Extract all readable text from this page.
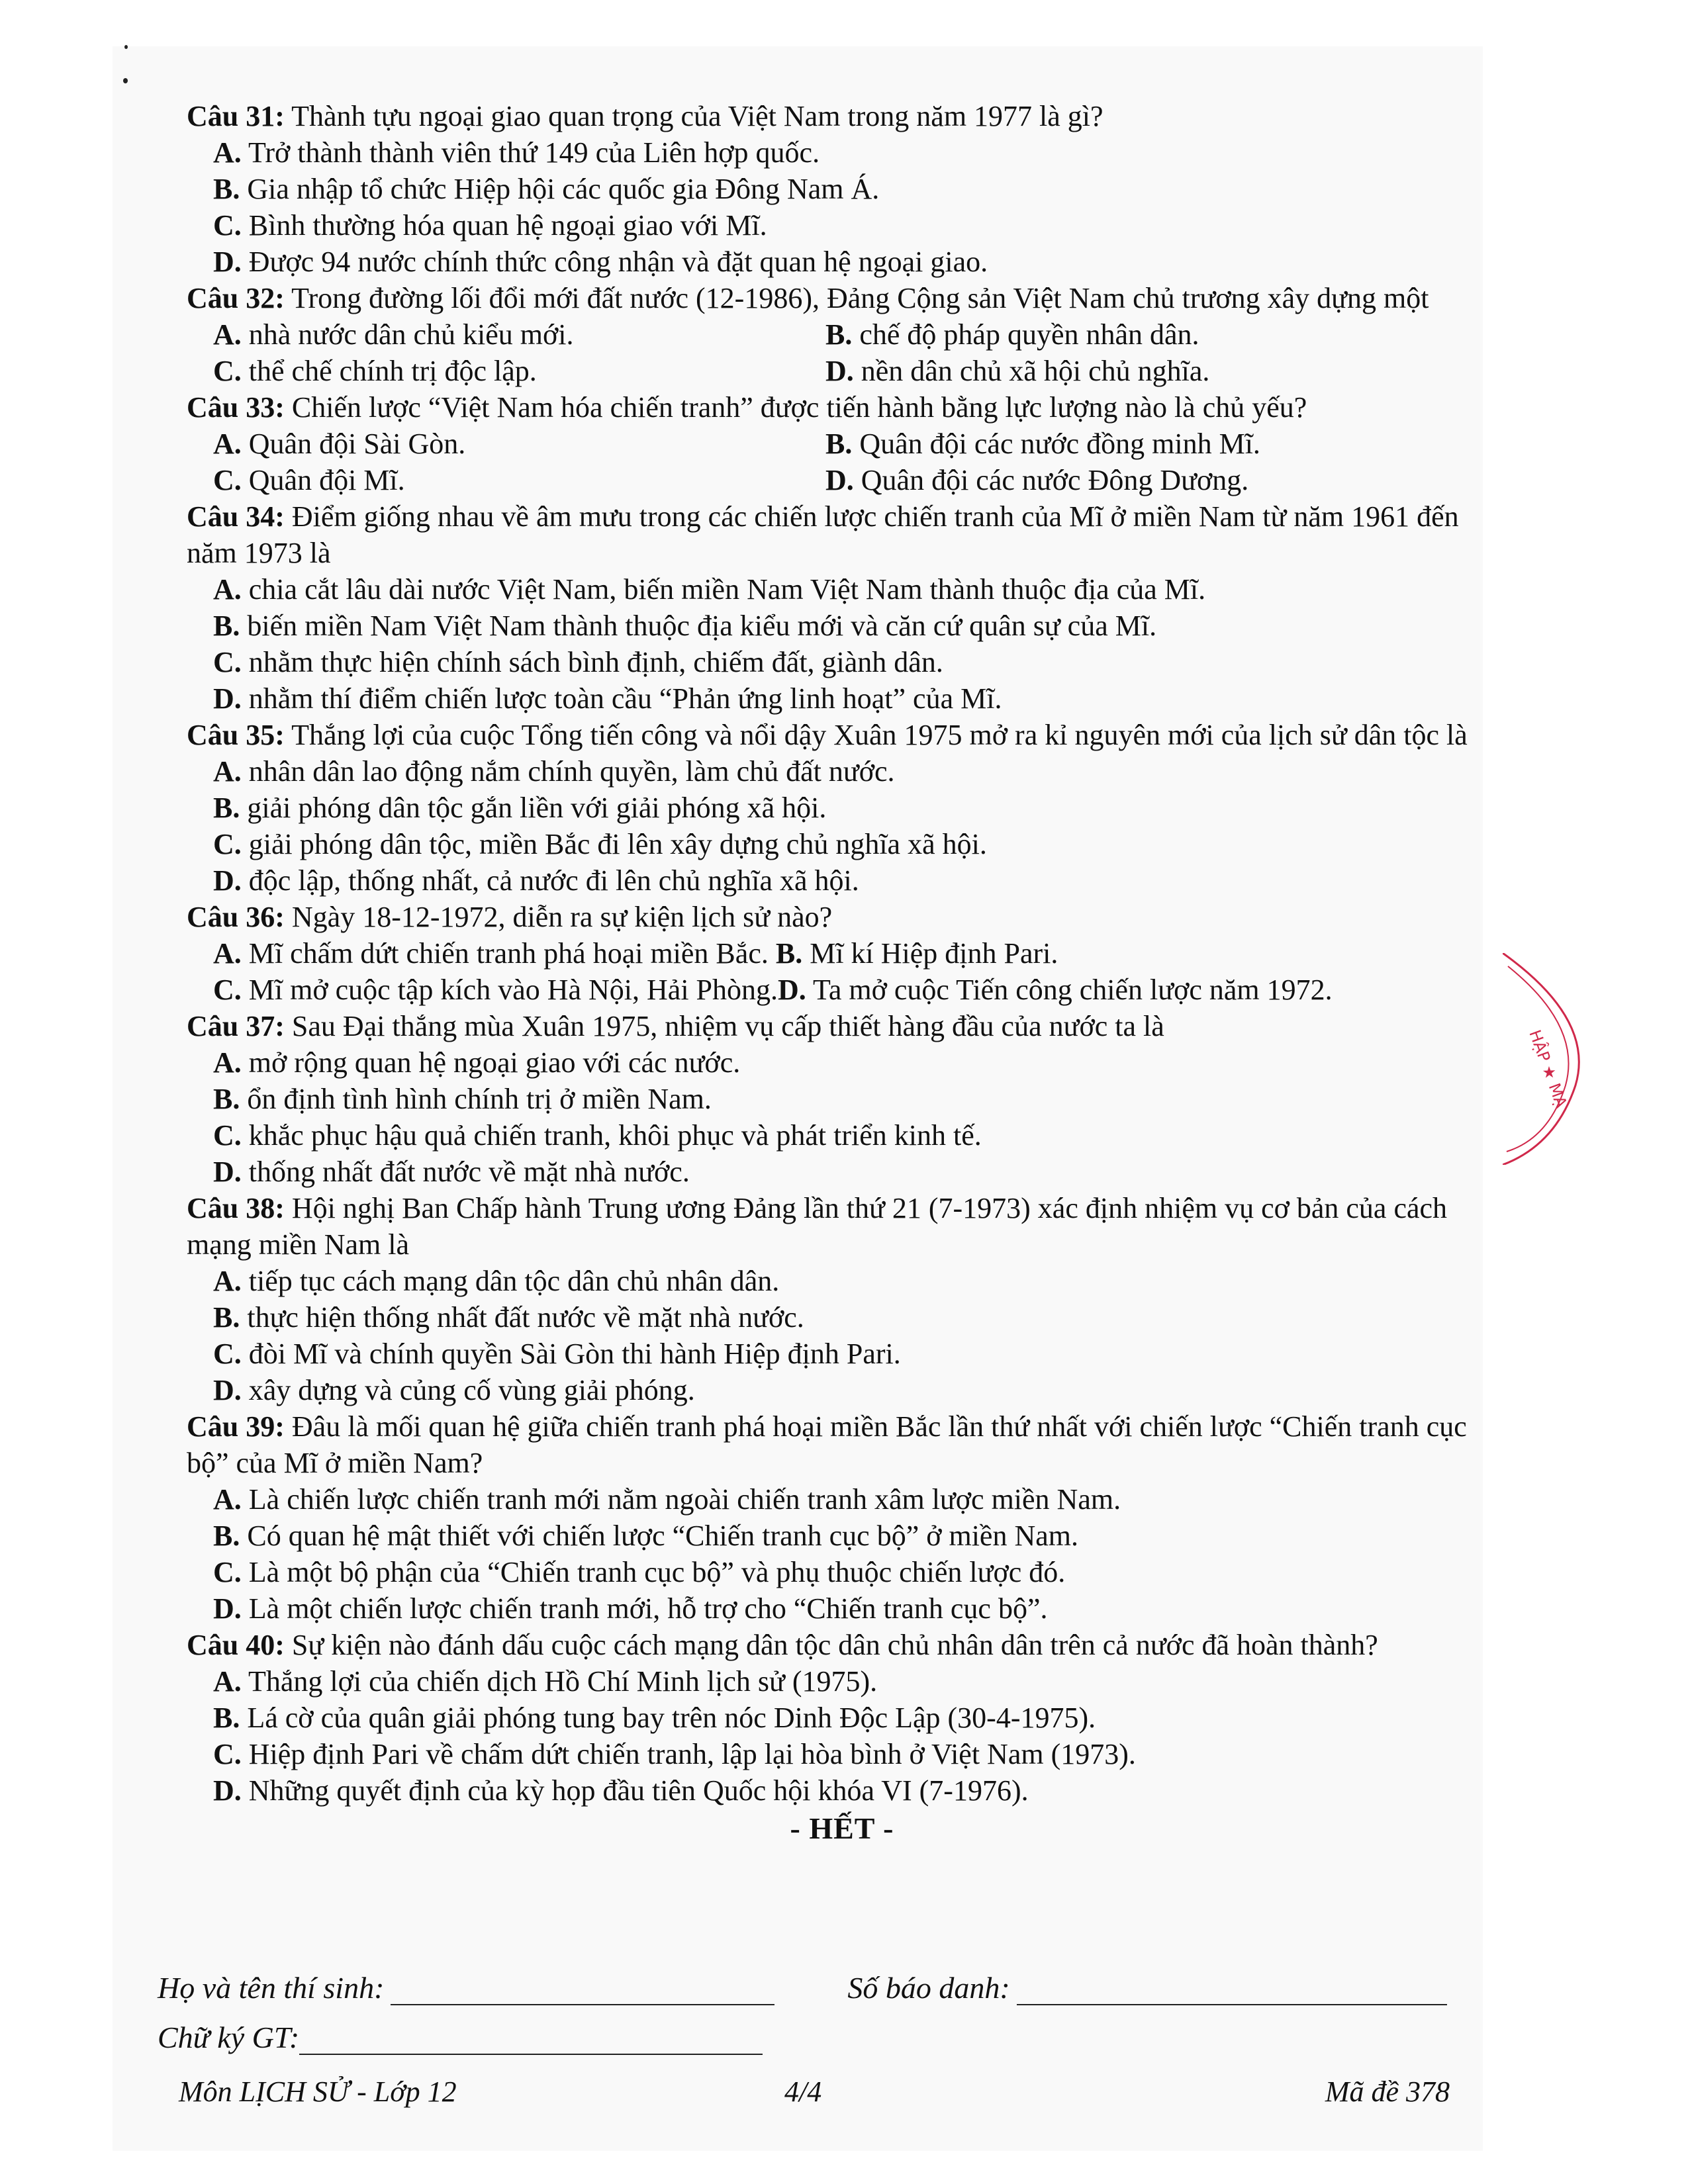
Câu 31: Thành tựu ngoại giao quan trọng của Việt Nam trong năm 1977 là gì?

A. Trở thành thành viên thứ 149 của Liên hợp quốc.
B. Gia nhập tổ chức Hiệp hội các quốc gia Đông Nam Á.
C. Bình thường hóa quan hệ ngoại giao với Mĩ.
D. Được 94 nước chính thức công nhận và đặt quan hệ ngoại giao.

Câu 32: Trong đường lối đổi mới đất nước (12-1986), Đảng Cộng sản Việt Nam chủ trương xây dựng một

A. nhà nước dân chủ kiểu mới.	B. chế độ pháp quyền nhân dân.
C. thể chế chính trị độc lập.	D. nền dân chủ xã hội chủ nghĩa.

Câu 33: Chiến lược “Việt Nam hóa chiến tranh” được tiến hành bằng lực lượng nào là chủ yếu?

A. Quân đội Sài Gòn.	B. Quân đội các nước đồng minh Mĩ.
C. Quân đội Mĩ.	D. Quân đội các nước Đông Dương.

Câu 34: Điểm giống nhau về âm mưu trong các chiến lược chiến tranh của Mĩ ở miền Nam từ năm 1961 đến năm 1973 là

A. chia cắt lâu dài nước Việt Nam, biến miền Nam Việt Nam thành thuộc địa của Mĩ.
B. biến miền Nam Việt Nam thành thuộc địa kiểu mới và căn cứ quân sự của Mĩ.
C. nhằm thực hiện chính sách bình định, chiếm đất, giành dân.
D. nhằm thí điểm chiến lược toàn cầu “Phản ứng linh hoạt” của Mĩ.

Câu 35: Thắng lợi của cuộc Tổng tiến công và nổi dậy Xuân 1975 mở ra kỉ nguyên mới của lịch sử dân tộc là

A. nhân dân lao động nắm chính quyền, làm chủ đất nước.
B. giải phóng dân tộc gắn liền với giải phóng xã hội.
C. giải phóng dân tộc, miền Bắc đi lên xây dựng chủ nghĩa xã hội.
D. độc lập, thống nhất, cả nước đi lên chủ nghĩa xã hội.

Câu 36: Ngày 18-12-1972, diễn ra sự kiện lịch sử nào?

A. Mĩ chấm dứt chiến tranh phá hoại miền Bắc. B. Mĩ kí Hiệp định Pari.
C. Mĩ mở cuộc tập kích vào Hà Nội, Hải Phòng.D. Ta mở cuộc Tiến công chiến lược năm 1972.

Câu 37: Sau Đại thắng mùa Xuân 1975, nhiệm vụ cấp thiết hàng đầu của nước ta là

A. mở rộng quan hệ ngoại giao với các nước.
B. ổn định tình hình chính trị ở miền Nam.
C. khắc phục hậu quả chiến tranh, khôi phục và phát triển kinh tế.
D. thống nhất đất nước về mặt nhà nước.

Câu 38: Hội nghị Ban Chấp hành Trung ương Đảng lần thứ 21 (7-1973) xác định nhiệm vụ cơ bản của cách mạng miền Nam là

A. tiếp tục cách mạng dân tộc dân chủ nhân dân.
B. thực hiện thống nhất đất nước về mặt nhà nước.
C. đòi Mĩ và chính quyền Sài Gòn thi hành Hiệp định Pari.
D. xây dựng và củng cố vùng giải phóng.

Câu 39: Đâu là mối quan hệ giữa chiến tranh phá hoại miền Bắc lần thứ nhất với chiến lược “Chiến tranh cục bộ” của Mĩ ở miền Nam?

A. Là chiến lược chiến tranh mới nằm ngoài chiến tranh xâm lược miền Nam.
B. Có quan hệ mật thiết với chiến lược “Chiến tranh cục bộ” ở miền Nam.
C. Là một bộ phận của “Chiến tranh cục bộ” và phụ thuộc chiến lược đó.
D. Là một chiến lược chiến tranh mới, hỗ trợ cho “Chiến tranh cục bộ”.

Câu 40: Sự kiện nào đánh dấu cuộc cách mạng dân tộc dân chủ nhân dân trên cả nước đã hoàn thành?

A. Thắng lợi của chiến dịch Hồ Chí Minh lịch sử (1975).
B. Lá cờ của quân giải phóng tung bay trên nóc Dinh Độc Lập (30-4-1975).
C. Hiệp định Pari về chấm dứt chiến tranh, lập lại hòa bình ở Việt Nam (1973).
D. Những quyết định của kỳ họp đầu tiên Quốc hội khóa VI (7-1976).
- HẾT -
HẬP ★ MẠ
Họ và tên thí sinh:	Số báo danh:
Chữ ký GT:
Môn LỊCH SỬ - Lớp 12	4/4	Mã đề 378
